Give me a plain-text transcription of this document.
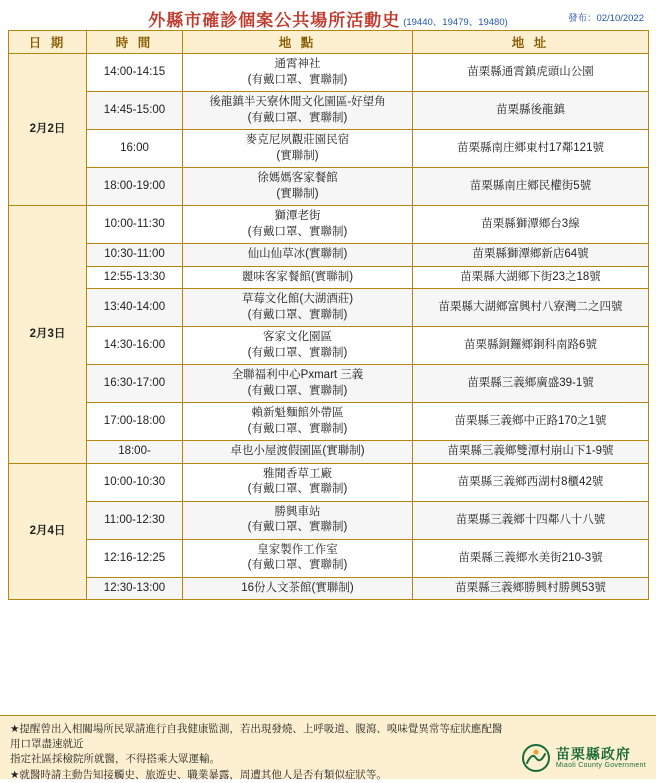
外縣市確診個案公共場所活動史 (19440、19479、19480)	發布：02/10/2022
日 期	時 間	地 點	地 址
2月2日	14:00-14:15	通霄神社
(有戴口罩、實聯制)	苗栗縣通霄鎮虎頭山公園
	14:45-15:00	後龍鎮半天寮休閒文化園區-好望角
(有戴口罩、實聯制)	苗栗縣後龍鎮
	16:00	麥克尼夙觀莊園民宿
(實聯制)	苗栗縣南庄鄉東村17鄰121號
	18:00-19:00	徐媽媽客家餐館
(實聯制)	苗栗縣南庄鄉民權街5號
2月3日	10:00-11:30	獅潭老街
(有戴口罩、實聯制)	苗栗縣獅潭鄉台3線
	10:30-11:00	仙山仙草冰(實聯制)	苗栗縣獅潭鄉新店64號
	12:55-13:30	麗味客家餐館(實聯制)	苗栗縣大湖鄉下街23之18號
	13:40-14:00	草莓文化館(大湖酒莊)
(有戴口罩、實聯制)	苗栗縣大湖鄉富興村八寮灣二之四號
	14:30-16:00	客家文化園區
(有戴口罩、實聯制)	苗栗縣銅鑼鄉銅科南路6號
	16:30-17:00	全聯福利中心Pxmart 三義
(有戴口罩、實聯制)	苗栗縣三義鄉廣盛39-1號
	17:00-18:00	賴新魁麵館外帶區
(有戴口罩、實聯制)	苗栗縣三義鄉中正路170之1號
	18:00-	卓也小屋渡假園區(實聯制)	苗栗縣三義鄉雙潭村崩山下1-9號
2月4日	10:00-10:30	雅聞香草工廠
(有戴口罩、實聯制)	苗栗縣三義鄉西湖村8櫃42號
	11:00-12:30	勝興車站
(有戴口罩、實聯制)	苗栗縣三義鄉十四鄰八十八號
	12:16-12:25	皇家製作工作室
(有戴口罩、實聯制)	苗栗縣三義鄉水美街210-3號
	12:30-13:00	16份人文茶館(實聯制)	苗栗縣三義鄉勝興村勝興53號
★提醒曾出入相關場所民眾請進行自我健康監測，若出現發燒、上呼吸道、腹瀉、嗅味覺異常等症狀應配醫用口罩盡速就近
指定社區採檢院所就醫，不得搭乘大眾運輸。
★就醫時請主動告知接觸史、旅遊史、職業暴露，周遭其他人是否有類似症狀等。
苗栗縣政府
Miaoli County Government
